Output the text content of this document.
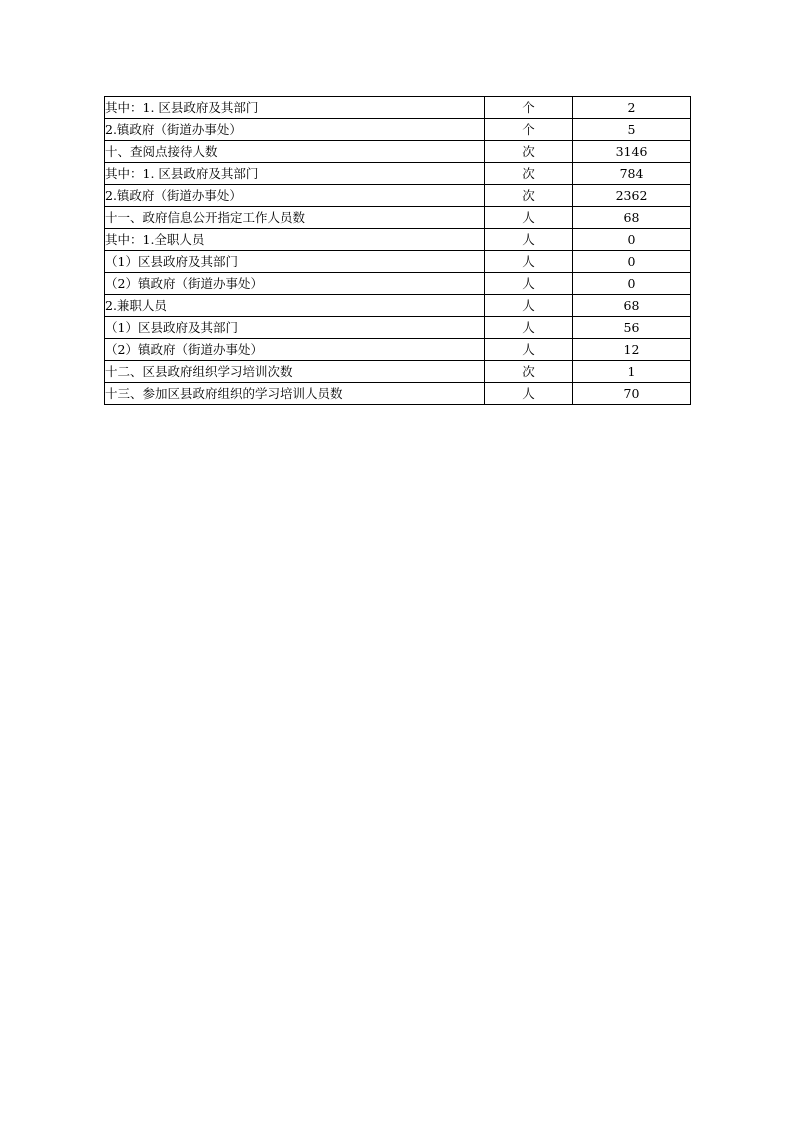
其中：1. 区县政府及其部门	个	2
2.镇政府（街道办事处）	个	5
十、查阅点接待人数	次	3146
其中：1. 区县政府及其部门	次	784
2.镇政府（街道办事处）	次	2362
十一、政府信息公开指定工作人员数	人	68
其中：1.全职人员	人	0
（1）区县政府及其部门	人	0
（2）镇政府（街道办事处）	人	0
2.兼职人员	人	68
（1）区县政府及其部门	人	56
（2）镇政府（街道办事处）	人	12
十二、区县政府组织学习培训次数	次	1
十三、参加区县政府组织的学习培训人员数	人	70
